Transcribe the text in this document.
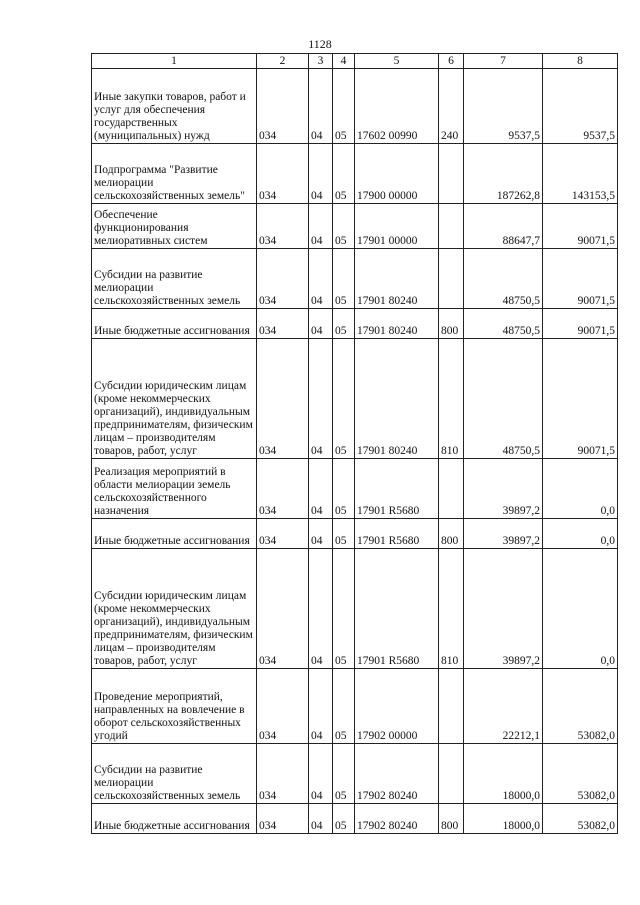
1128
1	2	3	4	5	6	7	8
Иные закупки товаров, работ и услуг для обеспечения государственных (муниципальных) нужд	034	04	05	17602 00990	240	9537,5	9537,5
Подпрограмма "Развитие мелиорации сельскохозяйственных земель"	034	04	05	17900 00000		187262,8	143153,5
Обеспечение функционирования мелиоративных систем	034	04	05	17901 00000		88647,7	90071,5
Субсидии на развитие мелиорации сельскохозяйственных земель	034	04	05	17901 80240		48750,5	90071,5
Иные бюджетные ассигнования	034	04	05	17901 80240	800	48750,5	90071,5
Субсидии юридическим лицам (кроме некоммерческих организаций), индивидуальным предпринимателям, физическим лицам – производителям товаров, работ, услуг	034	04	05	17901 80240	810	48750,5	90071,5
Реализация мероприятий в области мелиорации земель сельскохозяйственного назначения	034	04	05	17901 R5680		39897,2	0,0
Иные бюджетные ассигнования	034	04	05	17901 R5680	800	39897,2	0,0
Субсидии юридическим лицам (кроме некоммерческих организаций), индивидуальным предпринимателям, физическим лицам – производителям товаров, работ, услуг	034	04	05	17901 R5680	810	39897,2	0,0
Проведение мероприятий, направленных на вовлечение в оборот сельскохозяйственных угодий	034	04	05	17902 00000		22212,1	53082,0
Субсидии на развитие мелиорации сельскохозяйственных земель	034	04	05	17902 80240		18000,0	53082,0
Иные бюджетные ассигнования	034	04	05	17902 80240	800	18000,0	53082,0
